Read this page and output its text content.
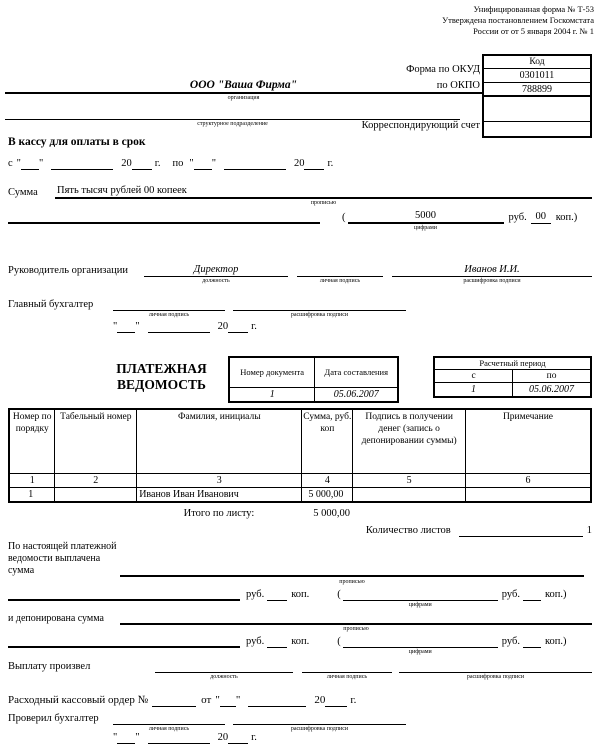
Унифицированная форма № Т-53
Утверждена постановлением Госкомстата
России от от 5 января 2004 г. № 1
Форма по ОКУД
по ОКПО
Корреспондирующий счет
Код
0301011
788899
ООО "Ваша Фирма"
организация
структурное подразделение
В кассу для оплаты в срок
с " "	20 г. по " "	20 г.
Сумма	Пять тысяч рублей 00 копеек
прописью
(	5000
цифрами
руб. 00 коп.)
Руководитель организации	Директор
должность	личная подпись
Иванов И.И.
расшифровка подписи
Главный бухгалтер
личная подпись	расшифровка подписи
" "	20 г.
ПЛАТЕЖНАЯ ВЕДОМОСТЬ
Номер документа	Дата составления
1	05.06.2007
Расчетный период	
с	по
1	05.06.2007
Номер по порядку	Табельный номер	Фамилия, инициалы	Сумма, руб. коп	Подпись в получении денег (запись о депонировании суммы)	Примечание
1	2	3	4	5	6
1		Иванов Иван Иванович	5 000,00		
Итого по листу:	5 000,00
Количество листов	1
По настоящей платежной ведомости выплачена сумма
прописью
руб.	коп.	(
цифрами
руб. коп.)
и депонирована сумма
прописью
руб.	коп.	(
цифрами
руб. коп.)
Выплату произвел
должность	личная подпись	расшифровка подписи
Расходный кассовый ордер №	от " "	20 г.
Проверил бухгалтер
личная подпись	расшифровка подписи
" "	20 г.
